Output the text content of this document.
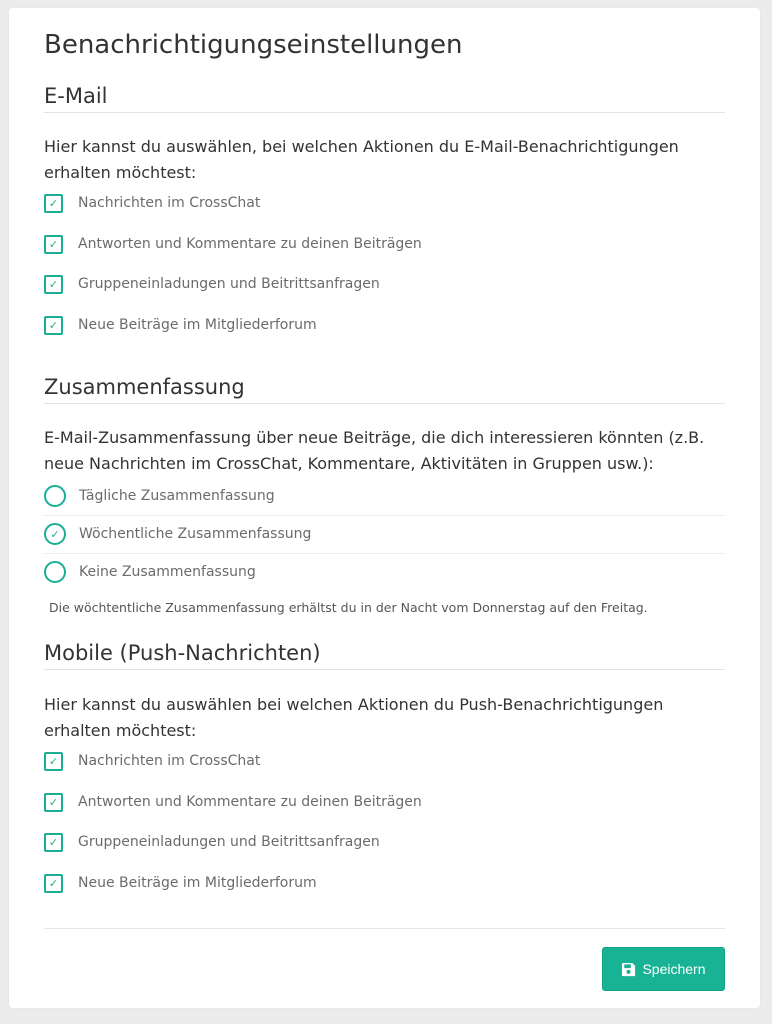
Benachrichtigungseinstellungen
E-Mail

Hier kannst du auswählen, bei welchen Aktionen du E-Mail-Benachrichtigungen erhalten möchtest:

✓	Nachrichten im CrossChat
✓	Antworten und Kommentare zu deinen Beiträgen
✓	Gruppeneinladungen und Beitrittsanfragen
✓	Neue Beiträge im Mitgliederforum
Zusammenfassung

E-Mail-Zusammenfassung über neue Beiträge, die dich interessieren könnten (z.B. neue Nachrichten im CrossChat, Kommentare, Aktivitäten in Gruppen usw.):

Tägliche Zusammenfassung
✓ Wöchentliche Zusammenfassung
Keine Zusammenfassung

Die wöchtentliche Zusammenfassung erhältst du in der Nacht vom Donnerstag auf den Freitag.

Mobile (Push-Nachrichten)

Hier kannst du auswählen bei welchen Aktionen du Push-Benachrichtigungen erhalten möchtest:

✓	Nachrichten im CrossChat
✓	Antworten und Kommentare zu deinen Beiträgen
✓	Gruppeneinladungen und Beitrittsanfragen
✓	Neue Beiträge im Mitgliederforum
Speichern
